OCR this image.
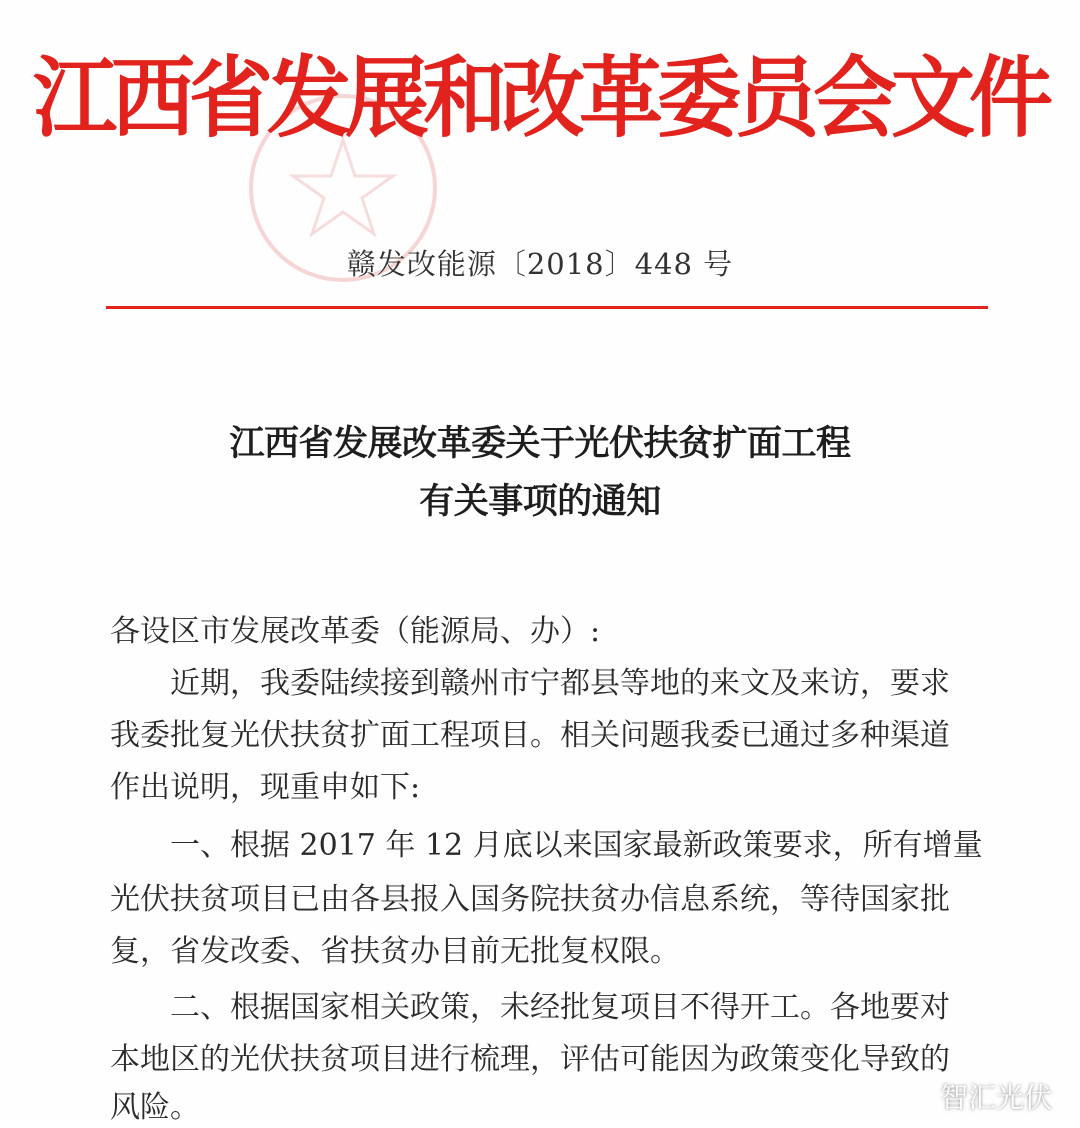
江西省发展和改革委员会文件
赣发改能源〔2018〕448 号
江西省发展改革委关于光伏扶贫扩面工程
有关事项的通知
各设区市发展改革委（能源局、办）:
　　近期，我委陆续接到赣州市宁都县等地的来文及来访，要求
我委批复光伏扶贫扩面工程项目。相关问题我委已通过多种渠道
作出说明，现重申如下:
　　一、根据 2017 年 12 月底以来国家最新政策要求，所有增量
光伏扶贫项目已由各县报入国务院扶贫办信息系统，等待国家批
复，省发改委、省扶贫办目前无批复权限。
　　二、根据国家相关政策，未经批复项目不得开工。各地要对
本地区的光伏扶贫项目进行梳理，评估可能因为政策变化导致的
风险。	智汇光伏
